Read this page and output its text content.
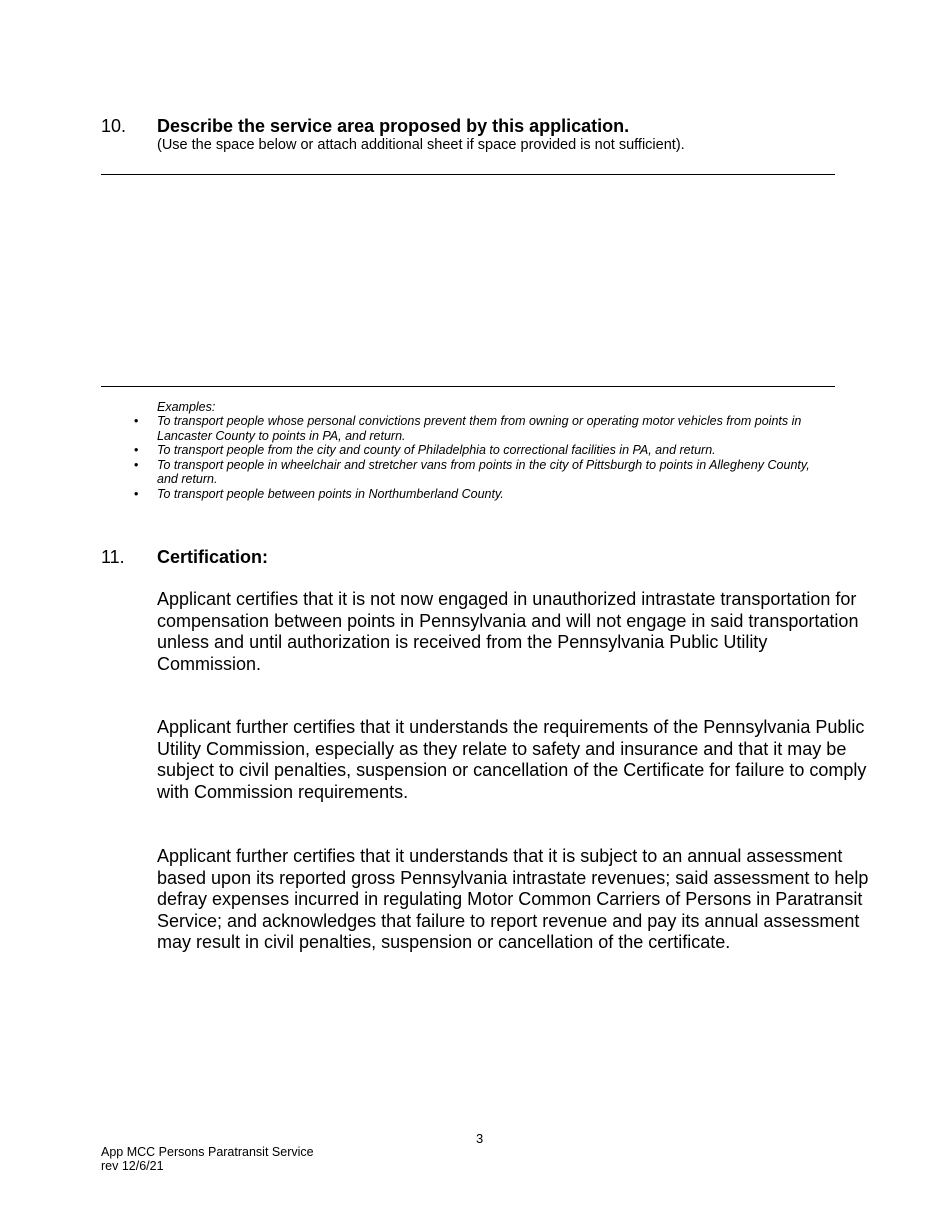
10. Describe the service area proposed by this application.
(Use the space below or attach additional sheet if space provided is not sufficient).
Examples:
• To transport people whose personal convictions prevent them from owning or operating motor vehicles from points in Lancaster County to points in PA, and return.
• To transport people from the city and county of Philadelphia to correctional facilities in PA, and return.
• To transport people in wheelchair and stretcher vans from points in the city of Pittsburgh to points in Allegheny County, and return.
• To transport people between points in Northumberland County.
11. Certification:

Applicant certifies that it is not now engaged in unauthorized intrastate transportation for compensation between points in Pennsylvania and will not engage in said transportation unless and until authorization is received from the Pennsylvania Public Utility Commission.

Applicant further certifies that it understands the requirements of the Pennsylvania Public Utility Commission, especially as they relate to safety and insurance and that it may be subject to civil penalties, suspension or cancellation of the Certificate for failure to comply with Commission requirements.

Applicant further certifies that it understands that it is subject to an annual assessment based upon its reported gross Pennsylvania intrastate revenues; said assessment to help defray expenses incurred in regulating Motor Common Carriers of Persons in Paratransit Service; and acknowledges that failure to report revenue and pay its annual assessment may result in civil penalties, suspension or cancellation of the certificate.

3
App MCC Persons Paratransit Service
rev 12/6/21
